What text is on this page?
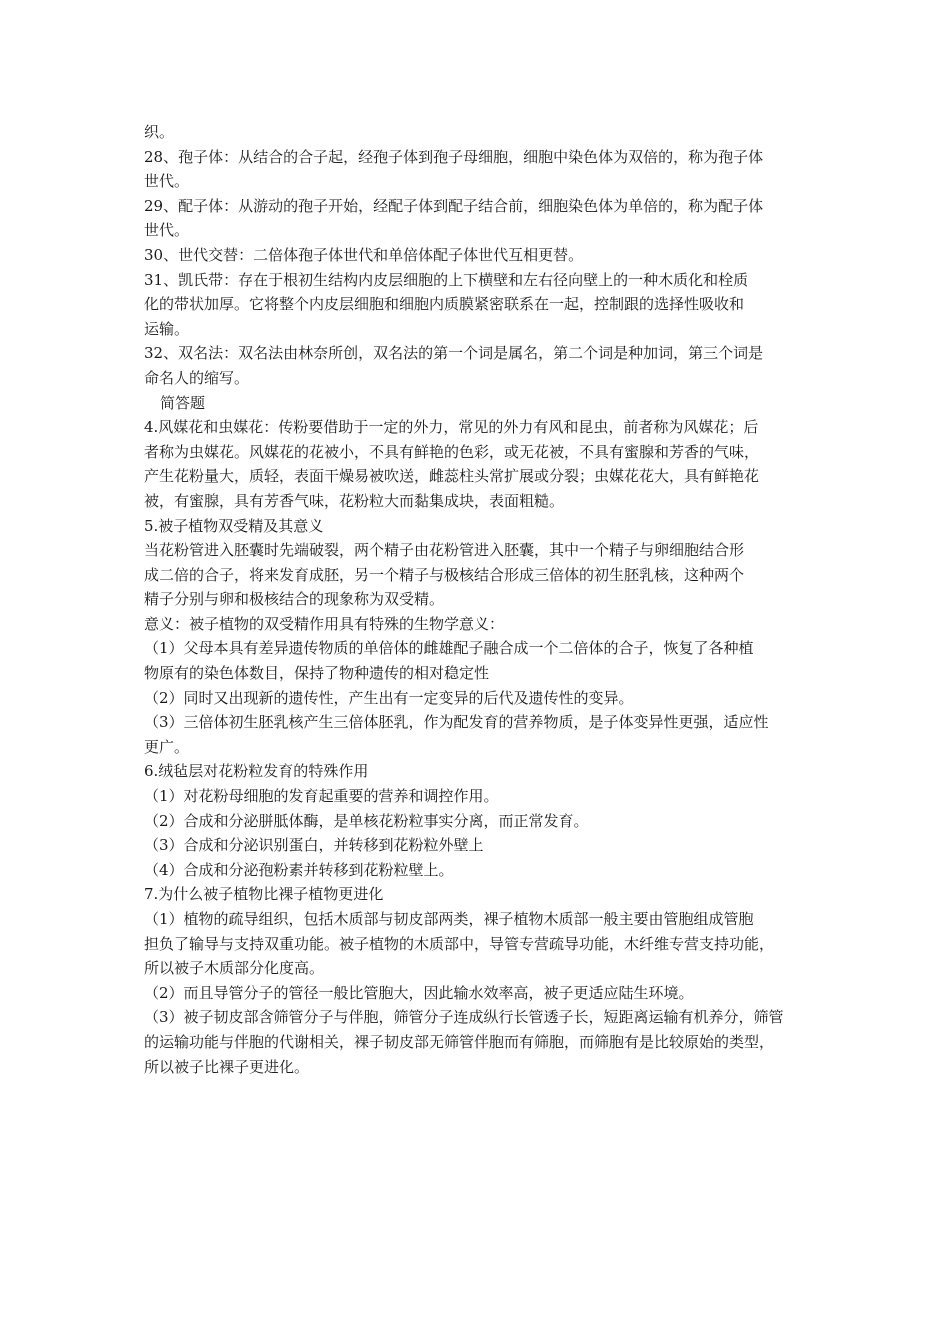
织。
28、孢子体：从结合的合子起，经孢子体到孢子母细胞，细胞中染色体为双倍的，称为孢子体
世代。
29、配子体：从游动的孢子开始，经配子体到配子结合前，细胞染色体为单倍的，称为配子体
世代。
30、世代交替：二倍体孢子体世代和单倍体配子体世代互相更替。
31、凯氏带：存在于根初生结构内皮层细胞的上下横壁和左右径向壁上的一种木质化和栓质
化的带状加厚。它将整个内皮层细胞和细胞内质膜紧密联系在一起，控制跟的选择性吸收和
运输。
32、双名法：双名法由林奈所创，双名法的第一个词是属名，第二个词是种加词，第三个词是
命名人的缩写。
简答题
4.风媒花和虫媒花：传粉要借助于一定的外力，常见的外力有风和昆虫，前者称为风媒花；后
者称为虫媒花。风媒花的花被小，不具有鲜艳的色彩，或无花被，不具有蜜腺和芳香的气味，
产生花粉量大，质轻，表面干燥易被吹送，雌蕊柱头常扩展或分裂；虫媒花花大，具有鲜艳花
被，有蜜腺，具有芳香气味，花粉粒大而黏集成块，表面粗糙。
5.被子植物双受精及其意义
当花粉管进入胚囊时先端破裂，两个精子由花粉管进入胚囊，其中一个精子与卵细胞结合形
成二倍的合子，将来发育成胚，另一个精子与极核结合形成三倍体的初生胚乳核，这种两个
精子分别与卵和极核结合的现象称为双受精。
意义：被子植物的双受精作用具有特殊的生物学意义：
（1）父母本具有差异遗传物质的单倍体的雌雄配子融合成一个二倍体的合子，恢复了各种植
物原有的染色体数目，保持了物种遗传的相对稳定性
（2）同时又出现新的遗传性，产生出有一定变异的后代及遗传性的变异。
（3）三倍体初生胚乳核产生三倍体胚乳，作为配发育的营养物质，是子体变异性更强，适应性
更广。
6.绒毡层对花粉粒发育的特殊作用
（1）对花粉母细胞的发育起重要的营养和调控作用。
（2）合成和分泌胼胝体酶，是单核花粉粒事实分离，而正常发育。
（3）合成和分泌识别蛋白，并转移到花粉粒外壁上
（4）合成和分泌孢粉素并转移到花粉粒壁上。
7.为什么被子植物比裸子植物更进化
（1）植物的疏导组织，包括木质部与韧皮部两类，裸子植物木质部一般主要由管胞组成管胞
担负了输导与支持双重功能。被子植物的木质部中，导管专营疏导功能，木纤维专营支持功能，
所以被子木质部分化度高。
（2）而且导管分子的管径一般比管胞大，因此输水效率高，被子更适应陆生环境。
（3）被子韧皮部含筛管分子与伴胞，筛管分子连成纵行长管透子长，短距离运输有机养分，筛管
的运输功能与伴胞的代谢相关，裸子韧皮部无筛管伴胞而有筛胞，而筛胞有是比较原始的类型，
所以被子比裸子更进化。
